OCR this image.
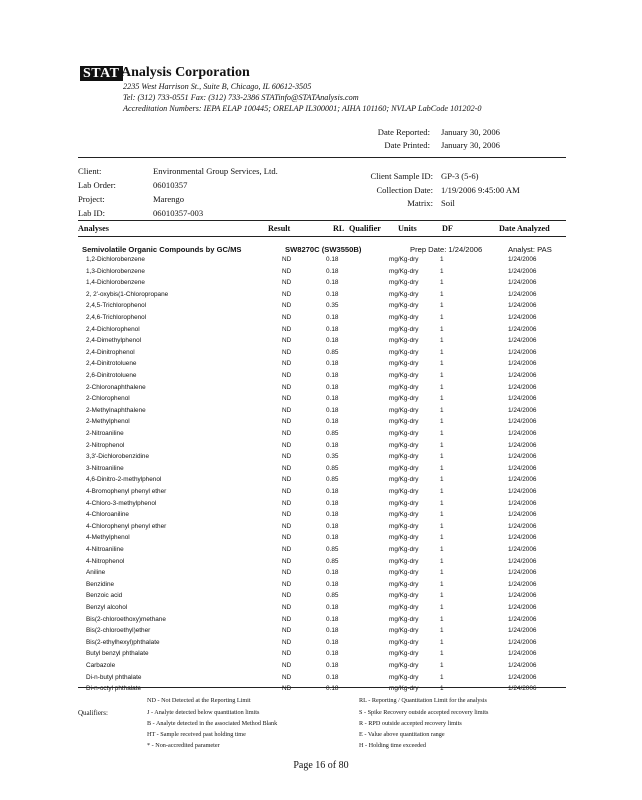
STAT Analysis Corporation
2235 West Harrison St., Suite B, Chicago, IL 60612-3505
Tel: (312) 733-0551 Fax: (312) 733-2386 STATinfo@STATAnalysis.com
Accreditation Numbers: IEPA ELAP 100445; ORELAP IL300001; AIHA 101160; NVLAP LabCode 101202-0
Date Reported: January 30, 2006
Date Printed: January 30, 2006
Client:	Environmental Group Services, Ltd.
Lab Order:	06010357
Project:	Marengo
Lab ID:	06010357-003
Client Sample ID: GP-3 (5-6)
Collection Date: 1/19/2006 9:45:00 AM
Matrix: Soil
Analyses	Result	RL Qualifier Units	DF	Date Analyzed
Semivolatile Organic Compounds by GC/MS	SW8270C (SW3550B)	Prep Date: 1/24/2006	Analyst: PAS
1,2-Dichlorobenzene	ND	0.18	mg/Kg-dry	1	1/24/2006
1,3-Dichlorobenzene	ND	0.18	mg/Kg-dry	1	1/24/2006
1,4-Dichlorobenzene	ND	0.18	mg/Kg-dry	1	1/24/2006
2, 2'-oxybis(1-Chloropropane	ND	0.18	mg/Kg-dry	1	1/24/2006
2,4,5-Trichlorophenol	ND	0.35	mg/Kg-dry	1	1/24/2006
2,4,6-Trichlorophenol	ND	0.18	mg/Kg-dry	1	1/24/2006
2,4-Dichlorophenol	ND	0.18	mg/Kg-dry	1	1/24/2006
2,4-Dimethylphenol	ND	0.18	mg/Kg-dry	1	1/24/2006
2,4-Dinitrophenol	ND	0.85	mg/Kg-dry	1	1/24/2006
2,4-Dinitrotoluene	ND	0.18	mg/Kg-dry	1	1/24/2006
2,6-Dinitrotoluene	ND	0.18	mg/Kg-dry	1	1/24/2006
2-Chloronaphthalene	ND	0.18	mg/Kg-dry	1	1/24/2006
2-Chlorophenol	ND	0.18	mg/Kg-dry	1	1/24/2006
2-Methylnaphthalene	ND	0.18	mg/Kg-dry	1	1/24/2006
2-Methylphenol	ND	0.18	mg/Kg-dry	1	1/24/2006
2-Nitroaniline	ND	0.85	mg/Kg-dry	1	1/24/2006
2-Nitrophenol	ND	0.18	mg/Kg-dry	1	1/24/2006
3,3'-Dichlorobenzidine	ND	0.35	mg/Kg-dry	1	1/24/2006
3-Nitroaniline	ND	0.85	mg/Kg-dry	1	1/24/2006
4,6-Dinitro-2-methylphenol	ND	0.85	mg/Kg-dry	1	1/24/2006
4-Bromophenyl phenyl ether	ND	0.18	mg/Kg-dry	1	1/24/2006
4-Chloro-3-methylphenol	ND	0.18	mg/Kg-dry	1	1/24/2006
4-Chloroaniline	ND	0.18	mg/Kg-dry	1	1/24/2006
4-Chlorophenyl phenyl ether	ND	0.18	mg/Kg-dry	1	1/24/2006
4-Methylphenol	ND	0.18	mg/Kg-dry	1	1/24/2006
4-Nitroaniline	ND	0.85	mg/Kg-dry	1	1/24/2006
4-Nitrophenol	ND	0.85	mg/Kg-dry	1	1/24/2006
Aniline	ND	0.18	mg/Kg-dry	1	1/24/2006
Benzidine	ND	0.18	mg/Kg-dry	1	1/24/2006
Benzoic acid	ND	0.85	mg/Kg-dry	1	1/24/2006
Benzyl alcohol	ND	0.18	mg/Kg-dry	1	1/24/2006
Bis(2-chloroethoxy)methane	ND	0.18	mg/Kg-dry	1	1/24/2006
Bis(2-chloroethyl)ether	ND	0.18	mg/Kg-dry	1	1/24/2006
Bis(2-ethylhexyl)phthalate	ND	0.18	mg/Kg-dry	1	1/24/2006
Butyl benzyl phthalate	ND	0.18	mg/Kg-dry	1	1/24/2006
Carbazole	ND	0.18	mg/Kg-dry	1	1/24/2006
Di-n-butyl phthalate	ND	0.18	mg/Kg-dry	1	1/24/2006
Di-n-octyl phthalate	ND	0.18	mg/Kg-dry	1	1/24/2006
Qualifiers:
ND - Not Detected at the Reporting Limit
J - Analyte detected below quantitation limits
B - Analyte detected in the associated Method Blank
HT - Sample received past holding time
* - Non-accredited parameter
RL - Reporting / Quantitation Limit for the analysis
S - Spike Recovery outside accepted recovery limits
R - RPD outside accepted recovery limits
E - Value above quantitation range
H - Holding time exceeded
Page 16 of 80
